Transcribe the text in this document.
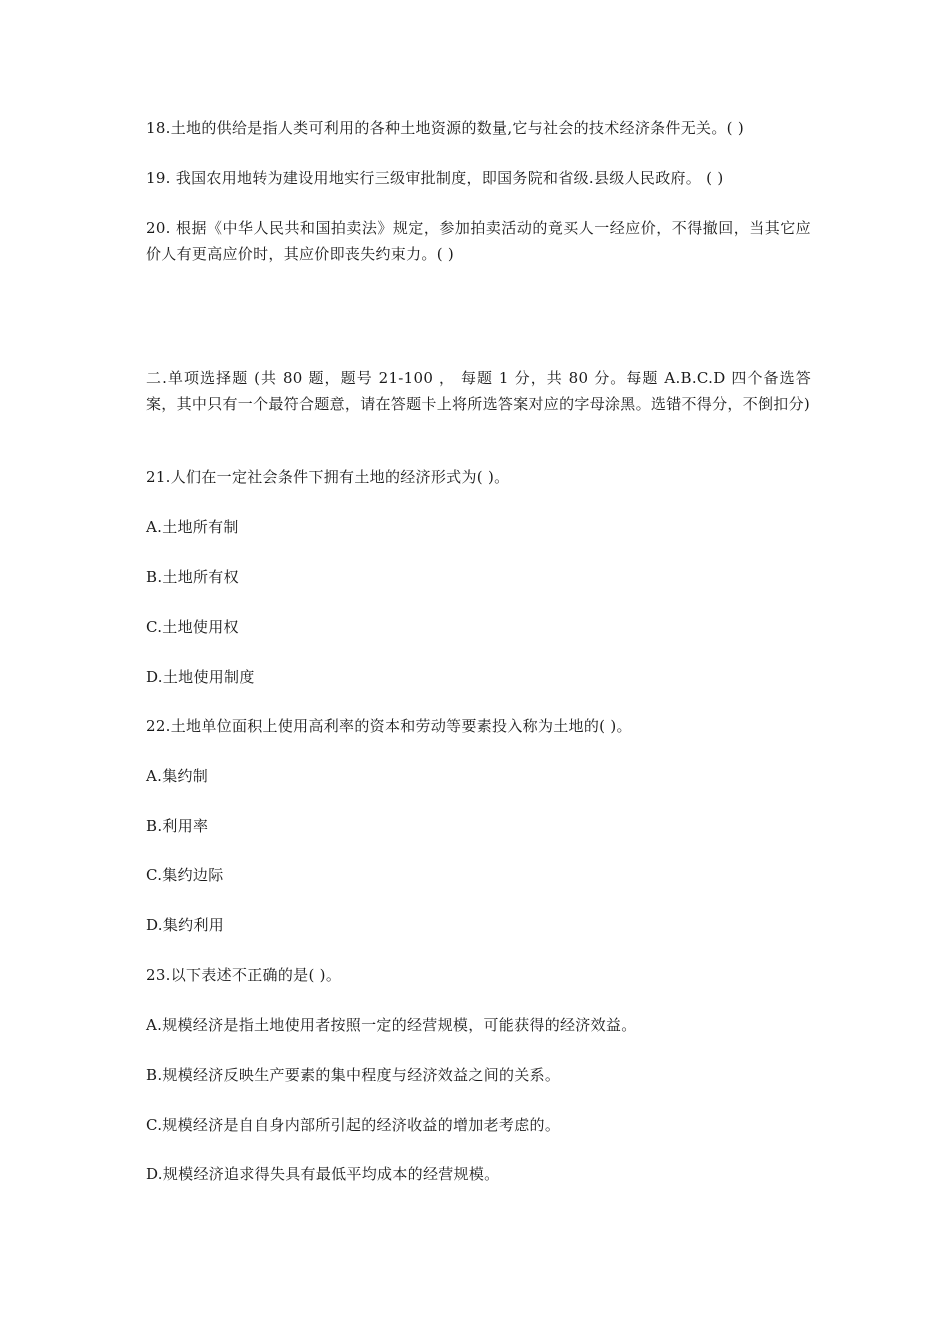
18.土地的供给是指人类可利用的各种土地资源的数量,它与社会的技术经济条件无关。( )
19. 我国农用地转为建设用地实行三级审批制度，即国务院和省级.县级人民政府。 ( )
20. 根据《中华人民共和国拍卖法》规定，参加拍卖活动的竟买人一经应价，不得撤回，当其它应价人有更高应价时，其应价即丧失约束力。( )
二.单项选择题 (共 80 题，题号 21-100 ， 每题 1 分，共 80 分。每题 A.B.C.D 四个备选答案，其中只有一个最符合题意，请在答题卡上将所选答案对应的字母涂黑。选错不得分，不倒扣分)
21.人们在一定社会条件下拥有土地的经济形式为( )。
A.土地所有制
B.土地所有权
C.土地使用权
D.土地使用制度
22.土地单位面积上使用高利率的资本和劳动等要素投入称为土地的( )。
A.集约制
B.利用率
C.集约边际
D.集约利用
23.以下表述不正确的是( )。
A.规模经济是指土地使用者按照一定的经营规模，可能获得的经济效益。
B.规模经济反映生产要素的集中程度与经济效益之间的关系。
C.规模经济是自自身内部所引起的经济收益的增加老考虑的。
D.规模经济追求得失具有最低平均成本的经营规模。
